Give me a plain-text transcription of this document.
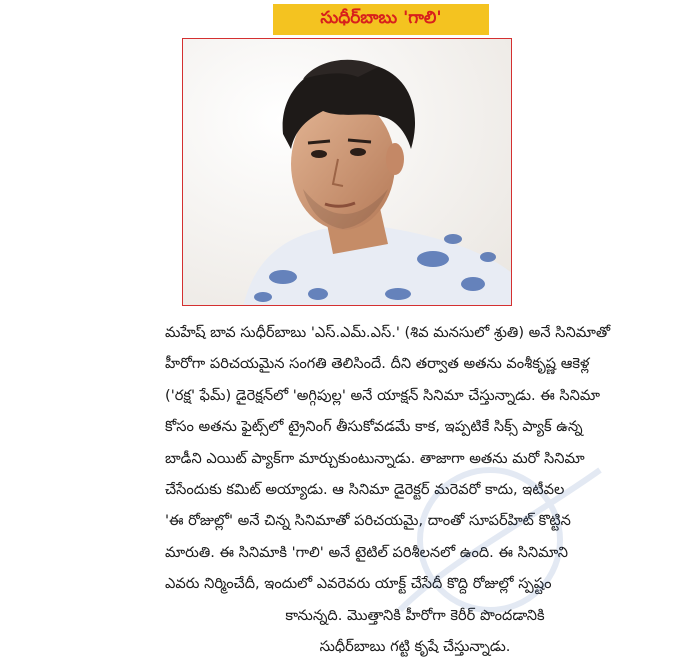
సుధీర్‌బాబు 'గాలి'

మహేష్ బావ సుధీర్‌బాబు 'ఎస్.ఎమ్.ఎస్.' (శివ మనసులో శ్రుతి) అనే సినిమాతో

హీరోగా పరిచయమైన సంగతి తెలిసిందే. దీని తర్వాత అతను వంశీకృష్ణ ఆకెళ్ల

('రక్ష' ఫేమ్) డైరెక్షన్‌లో 'అగ్గిపుల్ల' అనే యాక్షన్ సినిమా చేస్తున్నాడు. ఈ సినిమా

కోసం అతను ఫైట్స్‌లో ట్రైనింగ్ తీసుకోవడమే కాక, ఇప్పటికే సిక్స్ ప్యాక్ ఉన్న

బాడీని ఎయిట్ ప్యాక్‌గా మార్చుకుంటున్నాడు. తాజాగా అతను మరో సినిమా

చేసేందుకు కమిట్ అయ్యాడు. ఆ సినిమా డైరెక్టర్ మరెవరో కాదు, ఇటీవల

'ఈ రోజుల్లో' అనే చిన్న సినిమాతో పరిచయమై, దాంతో సూపర్‌హిట్ కొట్టిన

మారుతి. ఈ సినిమాకి 'గాలి' అనే టైటిల్ పరిశీలనలో ఉంది. ఈ సినిమాని

ఎవరు నిర్మించేదీ, ఇందులో ఎవరెవరు యాక్ట్ చేసేదీ కొద్ది రోజుల్లో స్పష్టం

కానున్నది. మొత్తానికి హీరోగా కెరీర్ పొందడానికి

సుధీర్‌బాబు గట్టి కృషే చేస్తున్నాడు.
